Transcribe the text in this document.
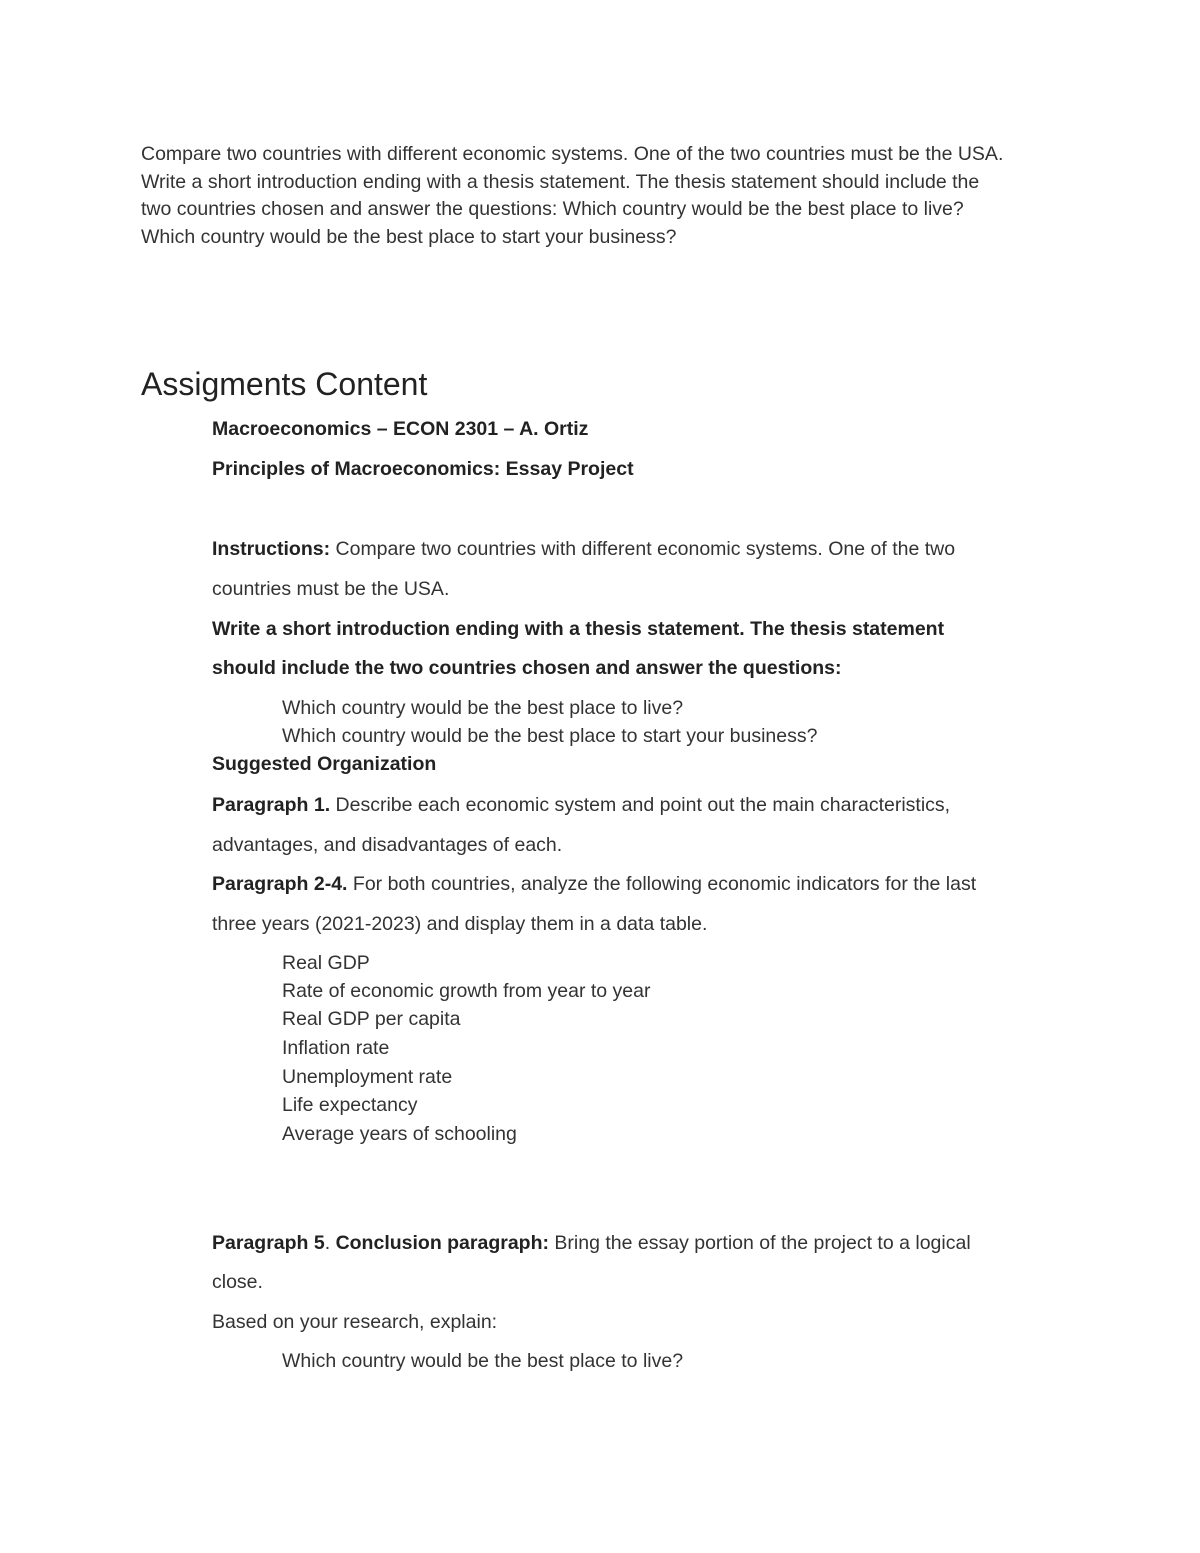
Compare two countries with different economic systems. One of the two countries must be the USA.

Write a short introduction ending with a thesis statement. The thesis statement should include the

two countries chosen and answer the questions: Which country would be the best place to live?

Which country would be the best place to start your business?

Assigments Content
Macroeconomics – ECON 2301 – A. Ortiz
Principles of Macroeconomics: Essay Project
Instructions: Compare two countries with different economic systems. One of the two
countries must be the USA.
Write a short introduction ending with a thesis statement. The thesis statement
should include the two countries chosen and answer the questions:
Which country would be the best place to live?
Which country would be the best place to start your business?
Suggested Organization
Paragraph 1. Describe each economic system and point out the main characteristics,
advantages, and disadvantages of each.
Paragraph 2-4. For both countries, analyze the following economic indicators for the last
three years (2021-2023) and display them in a data table.
Real GDP
Rate of economic growth from year to year
Real GDP per capita
Inflation rate
Unemployment rate
Life expectancy
Average years of schooling
Paragraph 5. Conclusion paragraph: Bring the essay portion of the project to a logical
close.
Based on your research, explain:
Which country would be the best place to live?
